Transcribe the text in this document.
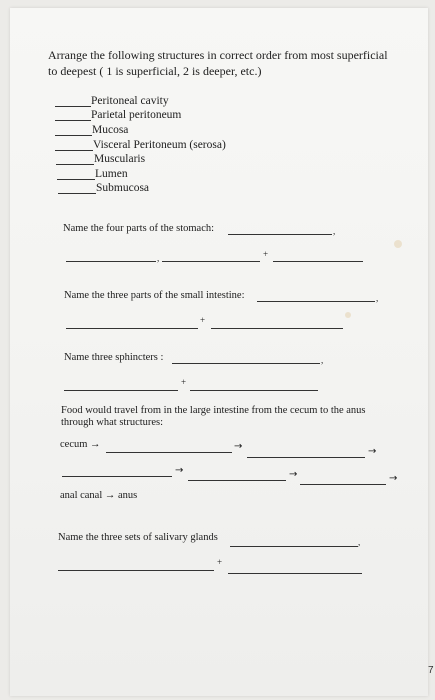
Arrange the following structures in correct order from most superficial to deepest ( 1 is superficial, 2 is deeper, etc.)
Peritoneal cavity
Parietal peritoneum
Mucosa
Visceral Peritoneum (serosa)
Muscularis
Lumen
Submucosa
Name the four parts of the stomach:	,
,	+
Name the three parts of the small intestine:	,
+
Name three sphincters :	,
+
Food would travel from in the large intestine from the cecum to the anus through what structures:
cecum →	→	→
→	→	→
anal canal → anus
Name the three sets of salivary glands	,
+
7
